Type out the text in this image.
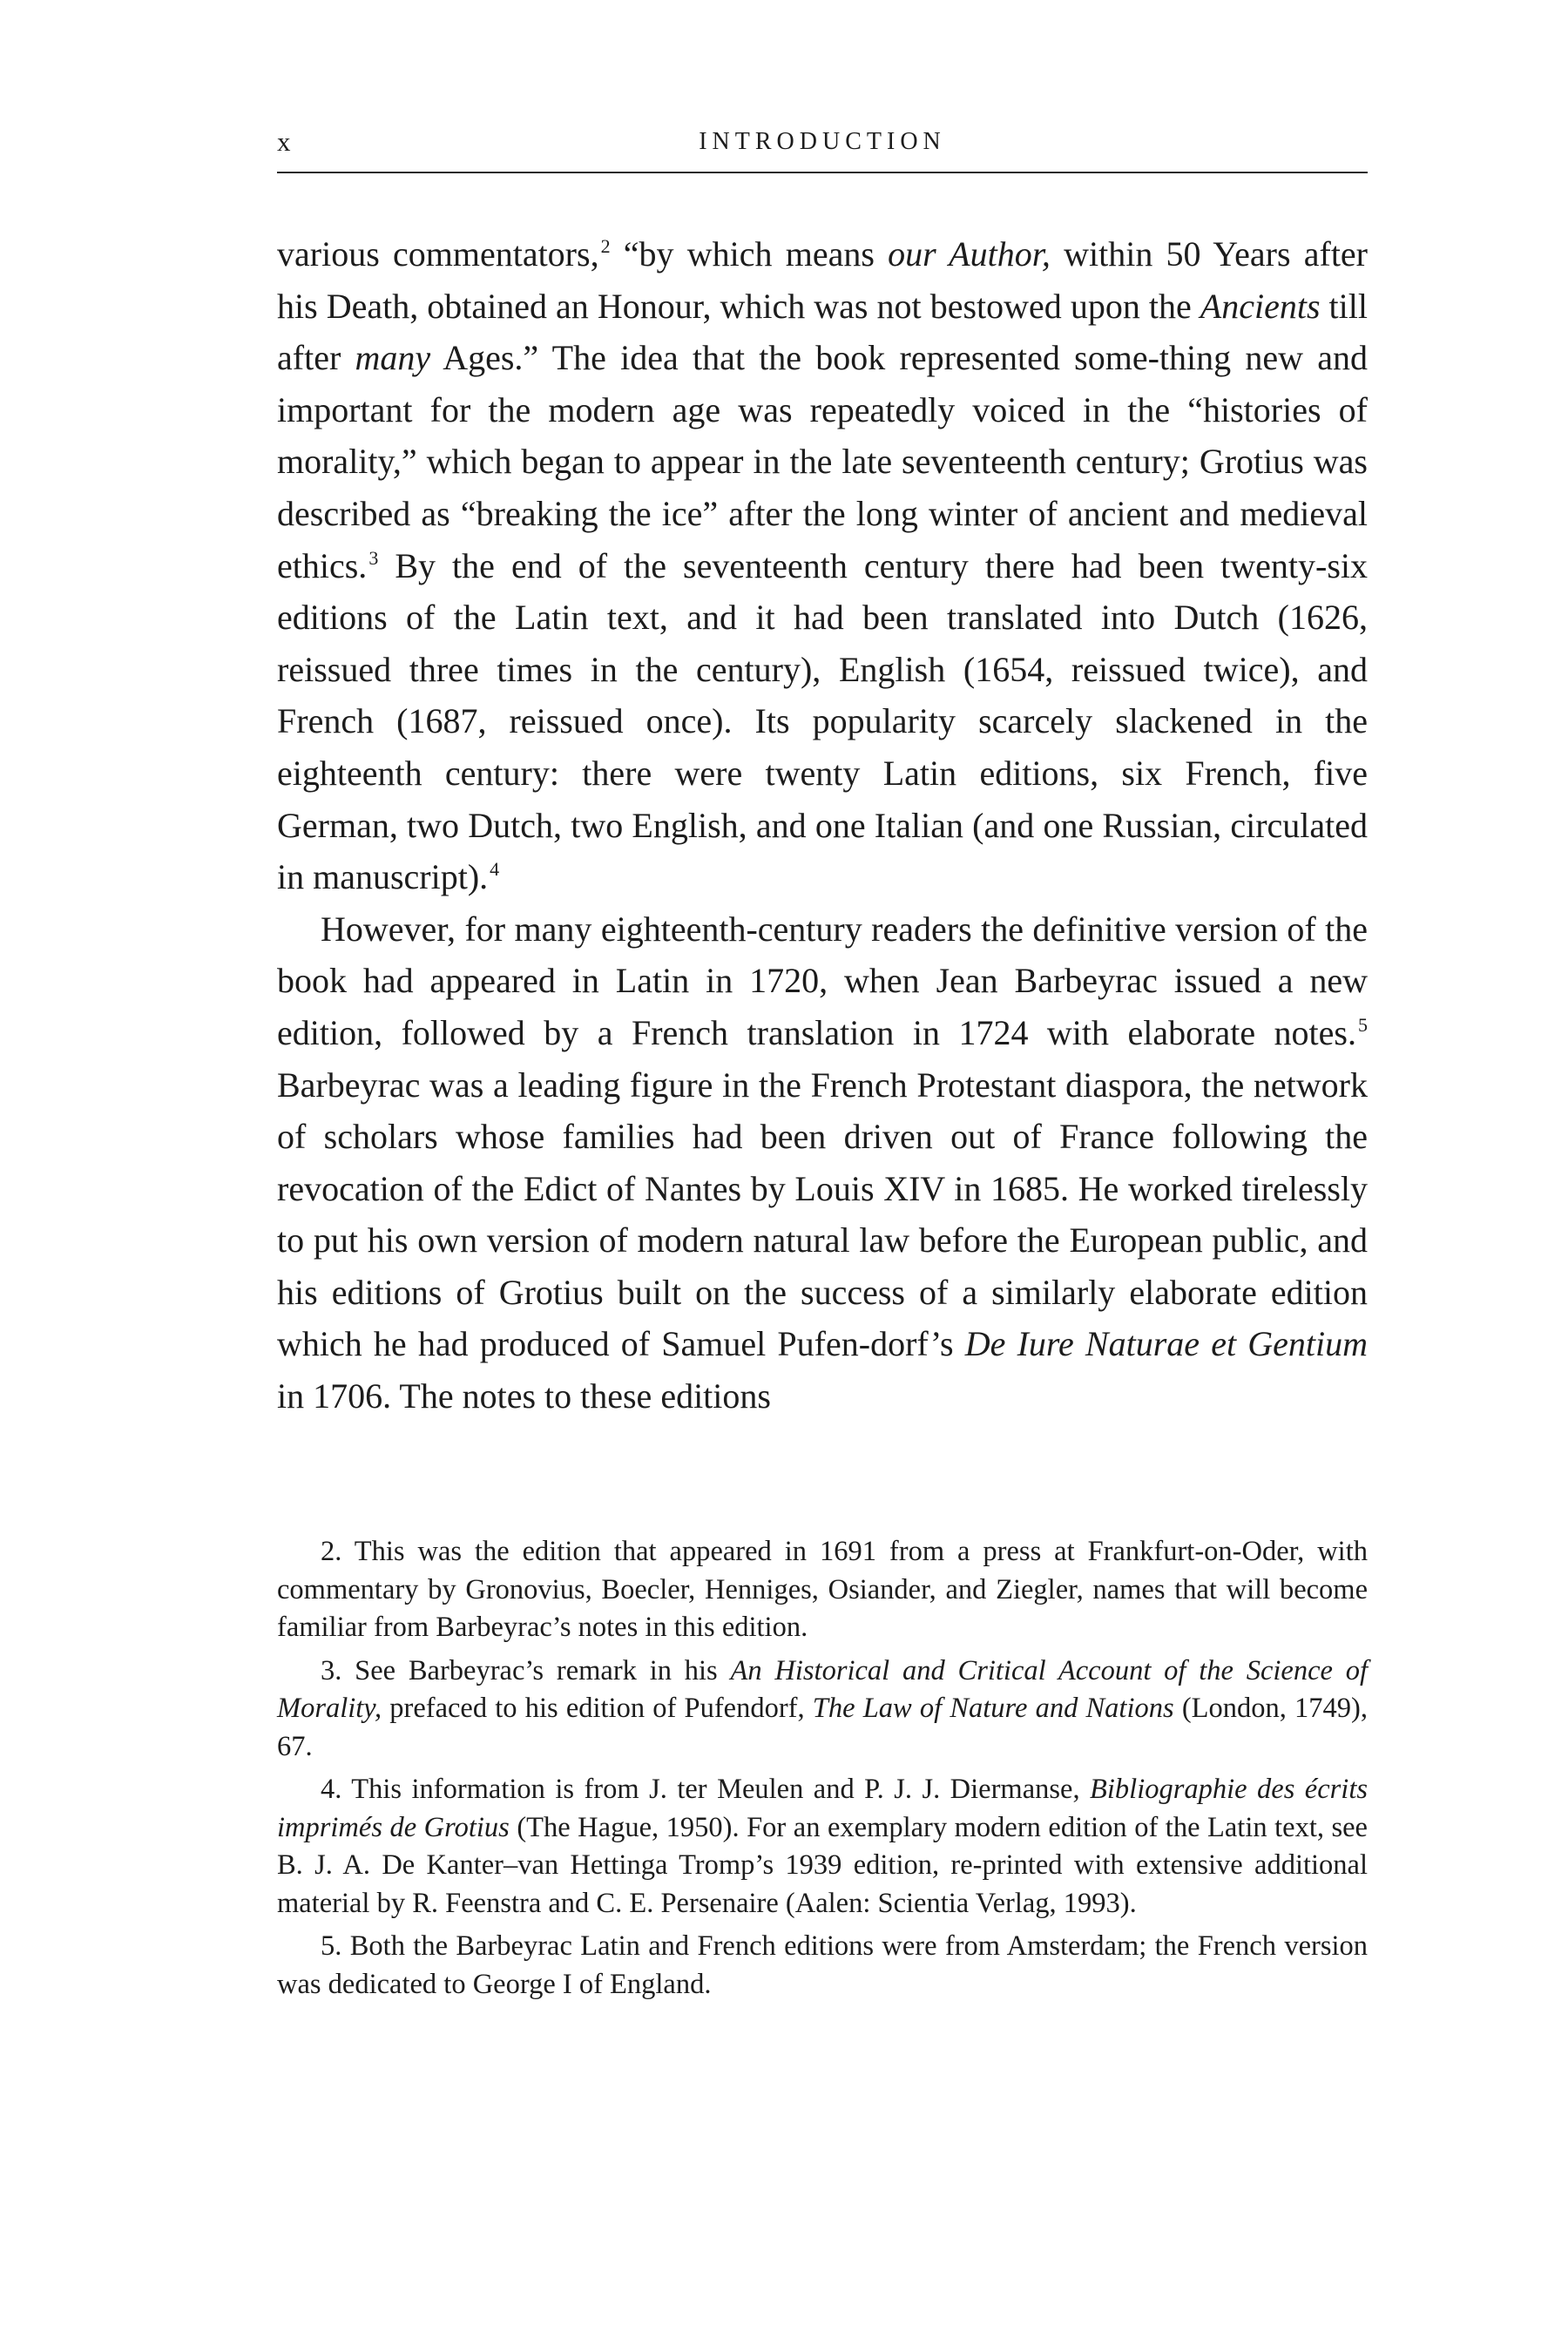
x	INTRODUCTION

various commentators,$^2$ “by which means our Author, within 50 Years after his Death, obtained an Honour, which was not bestowed upon the Ancients till after many Ages.” The idea that the book represented some-thing new and important for the modern age was repeatedly voiced in the “histories of morality,” which began to appear in the late seventeenth century; Grotius was described as “breaking the ice” after the long winter of ancient and medieval ethics.$^3$ By the end of the seventeenth century there had been twenty-six editions of the Latin text, and it had been translated into Dutch (1626, reissued three times in the century), English (1654, reissued twice), and French (1687, reissued once). Its popularity scarcely slackened in the eighteenth century: there were twenty Latin editions, six French, five German, two Dutch, two English, and one Italian (and one Russian, circulated in manuscript).$^4$

However, for many eighteenth-century readers the definitive version of the book had appeared in Latin in 1720, when Jean Barbeyrac issued a new edition, followed by a French translation in 1724 with elaborate notes.$^5$ Barbeyrac was a leading figure in the French Protestant diaspora, the network of scholars whose families had been driven out of France following the revocation of the Edict of Nantes by Louis XIV in 1685. He worked tirelessly to put his own version of modern natural law before the European public, and his editions of Grotius built on the success of a similarly elaborate edition which he had produced of Samuel Pufen-dorf’s De Iure Naturae et Gentium in 1706. The notes to these editions

2. This was the edition that appeared in 1691 from a press at Frankfurt-on-Oder, with commentary by Gronovius, Boecler, Henniges, Osiander, and Ziegler, names that will become familiar from Barbeyrac’s notes in this edition.

3. See Barbeyrac’s remark in his An Historical and Critical Account of the Science of Morality, prefaced to his edition of Pufendorf, The Law of Nature and Nations (London, 1749), 67.

4. This information is from J. ter Meulen and P. J. J. Diermanse, Bibliographie des écrits imprimés de Grotius (The Hague, 1950). For an exemplary modern edition of the Latin text, see B. J. A. De Kanter–van Hettinga Tromp’s 1939 edition, re-printed with extensive additional material by R. Feenstra and C. E. Persenaire (Aalen: Scientia Verlag, 1993).

5. Both the Barbeyrac Latin and French editions were from Amsterdam; the French version was dedicated to George I of England.
